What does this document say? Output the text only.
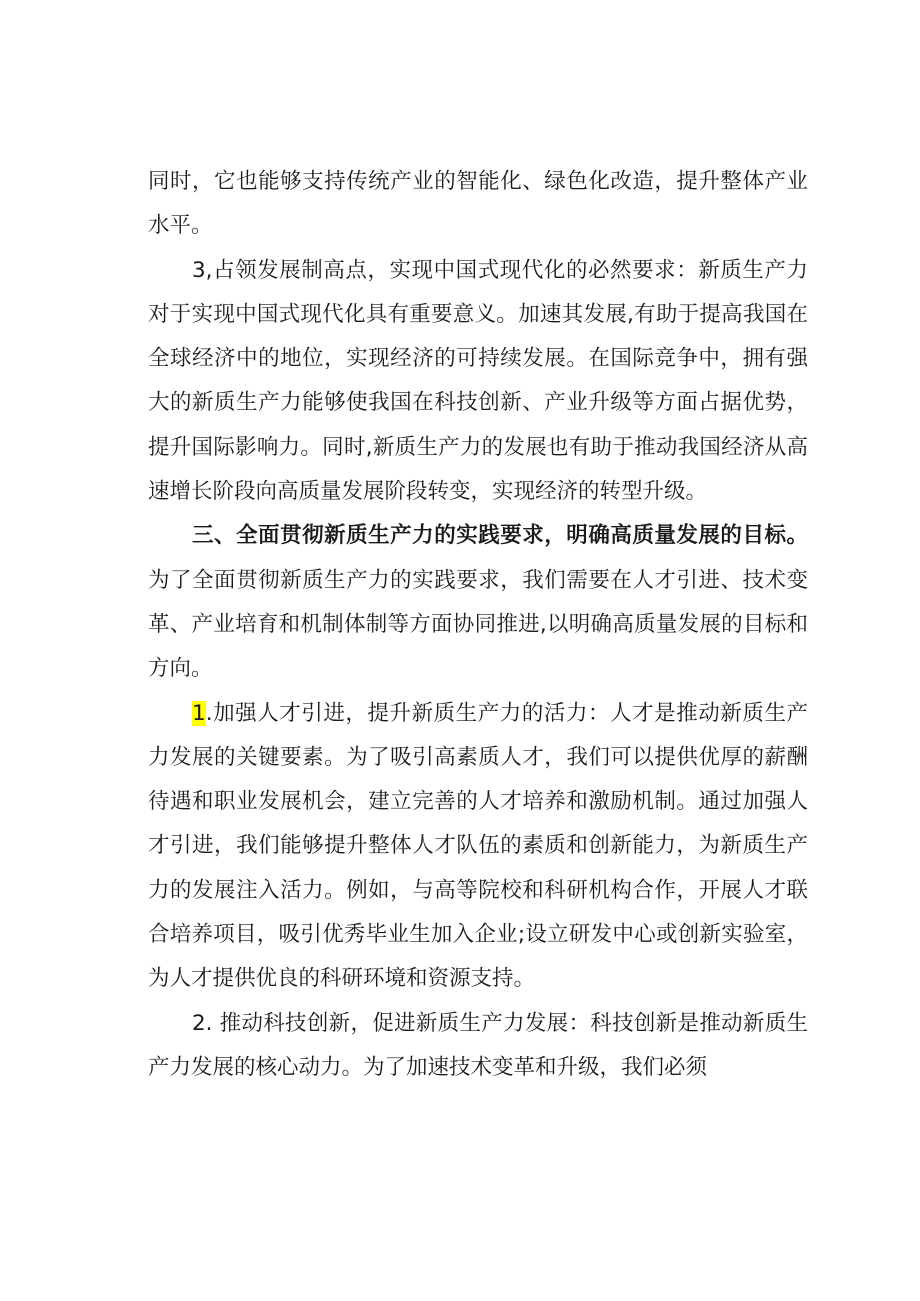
同时，它也能够支持传统产业的智能化、绿色化改造，提升整体产业水平。

3,占领发展制高点，实现中国式现代化的必然要求：新质生产力对于实现中国式现代化具有重要意义。加速其发展,有助于提高我国在全球经济中的地位，实现经济的可持续发展。在国际竞争中，拥有强大的新质生产力能够使我国在科技创新、产业升级等方面占据优势，提升国际影响力。同时,新质生产力的发展也有助于推动我国经济从高速增长阶段向高质量发展阶段转变，实现经济的转型升级。

三、全面贯彻新质生产力的实践要求，明确高质量发展的目标。为了全面贯彻新质生产力的实践要求，我们需要在人才引进、技术变革、产业培育和机制体制等方面协同推进,以明确高质量发展的目标和方向。

1.加强人才引进，提升新质生产力的活力：人才是推动新质生产力发展的关键要素。为了吸引高素质人才，我们可以提供优厚的薪酬待遇和职业发展机会，建立完善的人才培养和激励机制。通过加强人才引进，我们能够提升整体人才队伍的素质和创新能力，为新质生产力的发展注入活力。例如，与高等院校和科研机构合作，开展人才联合培养项目，吸引优秀毕业生加入企业;设立研发中心或创新实验室，为人才提供优良的科研环境和资源支持。

2. 推动科技创新，促进新质生产力发展：科技创新是推动新质生产力发展的核心动力。为了加速技术变革和升级，我们必须
